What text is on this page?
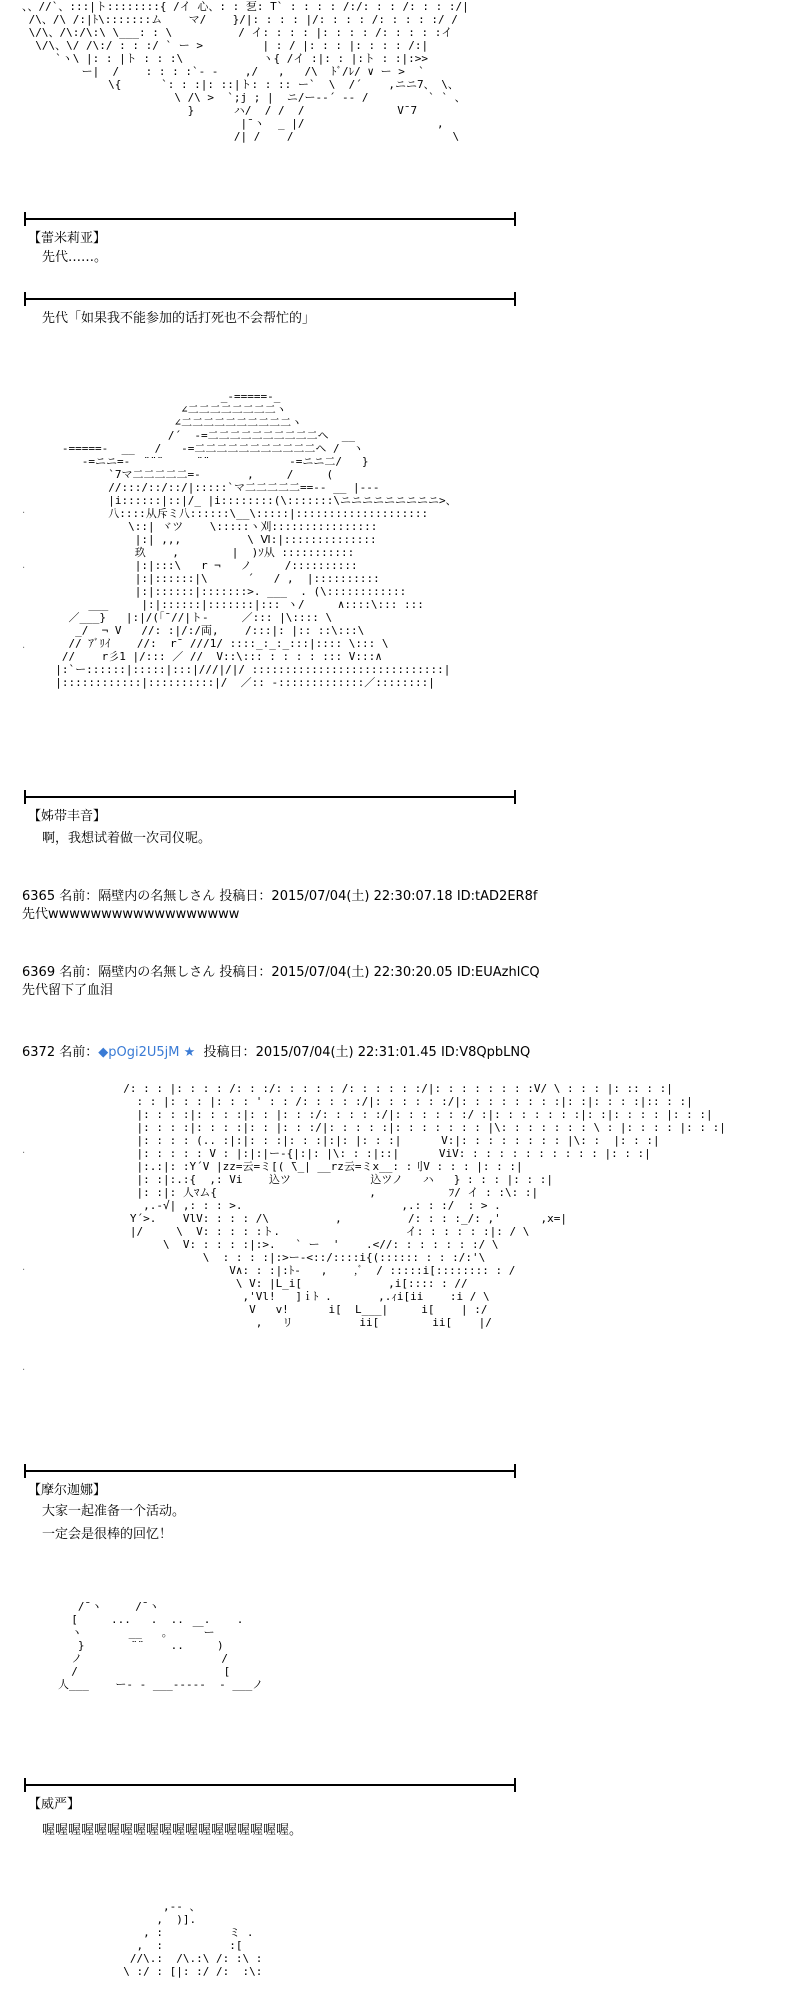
、、//`、:::|ト::::::::{ /イ 心、: : 乭: T` : : : : /:/: : : /: : : :/|
/\、/\ /:|ﾄ\:::::::ム    マ/    }/|: : : : |/: : : : /: : : : :/ /
\/\、/\:/\:\ \___: : \          / イ: : : : |: : : : /: : : : :イ
\/\、\/ /\:/ : : :/ ` ー >         | : / |: : : |: : : : /:|
`ヽ\ |: : |ト : : :\            ヽ{ /イ :|: : |:ト : :|:>>
ー|  /    : : : :`- -    ,/   ,   /\  ﾄﾞ/ﾚ/ ∨ ー >  `
\{      `: : :|: ::|ト: : :: ー`  \  /´    ,ニニ7、 \、
\ /\ >  `;j ; |  ニ/ー‐‐´ ‐‐ /         ` ` 、
}      ハ/  / /  /              V¯7
|¯ヽ  _ |/                    ,
/| /    /                        \
【蕾米莉亚】
先代……。
先代「如果我不能参加的话打死也不会帮忙的」
_-=====-_
∠二二二二二二二二ヽ
∠二二二二二二二二二二ヽ
/´  -=二二二二二二二二二二ヘ  __
-=====-  __   /   -=二二二二二二二二二二二ヘ /  ヽ
-=ニニ=-  ¨¨¨     ¨¨            -=ニニ二/   }
`7マ二二二二二=-       ,     /     (
//:::/::/::/|:::::`マ二二二二二==-- __ |---
|i::::::|::|/_ |i::::::::(\:::::::\ニニニニニニニニニ>、
八::::从斥ミ八::::::\__\:::::|::::::::::::::::::::
\::| ヾツ    \:::::ヽ刈::::::::::::::::
|:| ,,,          \ Ⅵ:|::::::::::::::
玖    ,        |  )ｿ从 :::::::::::
|:|:::\   r ¬   ノ     /::::::::::
|:|::::::|\      ´   / ,  |::::::::::
|:|::::::|:::::::>. ___  . (\::::::::::::
___     |:|::::::|:::::::|::: ヽ/     ∧::::\::: :::
／___}   |:|/(「¯//|ト-     ／::: |\:::: \
_/  ¬ V   //: :|/:/両,    /:::|: |:: ::\:::\
// ｱﾞﾘｲ    //:  r¯ ///1/ ::::_:_:_:::|:::: \::: \
//    r彡1 |/::: ／ //  V::\::: : : : : ::: V:::∧
|:`ー::::::|:::::|:::|///|/|/ :::::::::::::::::::::::::::::|
|::::::::::::|::::::::::|/  ／:: -:::::::::::::／::::::::|
.
.
.
【姊带丰音】
啊，我想试着做一次司仪呢。
6365 名前：隔壁内の名無しさん 投稿日：2015/07/04(土) 22:30:07.18 ID:tAD2ER8f
先代wwwwwwwwwwwwwwwwww
6369 名前：隔壁内の名無しさん 投稿日：2015/07/04(土) 22:30:20.05 ID:EUAzhlCQ
先代留下了血泪
6372 名前：◆pOgi2U5jM ★ 投稿日：2015/07/04(土) 22:31:01.45 ID:V8QpbLNQ
/: : : |: : : : /: : :/: : : : : /: : : : : :/|: : : : : : : :V/ \ : : : |: :: : :|
: : |: : : |: : : ' : : /: : : : :/|: : : : : :/|: : : : : : : :|: :|: : : :|:: : :|
|: : : :|: : : :|: : |: : :/: : : : :/|: : : : : :/ :|: : : : : : :|: :|: : : : |: : :|
|: : : :|: : : :|: : |: : :/|: : : : :|: : : : : : : |\: : : : : : : \ : |: : : : |: : :|
|: : : : (.. :|:|: : :|: : :|:|: |: : :|      V:|: : : : : : : : |\: :  |: : :|
|: : : : : V : |:|:|ー-{|:|: |\: : :|::|      ViV: : : : : : : : : : : |: : :|
|:.:|: :Y´V |zz=云=ミ[( ̄\_| __rz云=ミx__: :刂V : : : |: : :|
|: :|:.:{  ,: Vi    込ツ            込ツノ   ハ   } : : : |: : :|
|: :|: 人ﾏム{                       ,           ﾌ/ イ : :\: :|
,.-√| ,: : : >.                        ,.: : :/  : > .
Y´>.    VlV: : : : /\          ,          /: : : :_/: ,'      ,x=|
|/     \  V: : : : :ト.                   イ: : : : : :|: / \
\  V: : : : :|:>.   ` ー  '    .<//: : : : : : :/ \
\  : : : :|:>ー-<::/::::i{(:::::: : : :/:'\
V∧: : :|:ﾄ-   ,    ,ﾞ  / :::::i[:::::::: : /
\ V: |L_i[             ,i[:::: : //
,'Vl!   ]ｉﾄ .       ,.ｨi[ii    :i / \
V   v!      i[  L___|     i[    | :/
,   リ          ii[        ii[    |/
.
.
.
【摩尔迦娜】
大家一起准备一个活动。
一定会是很棒的回忆！
/¯ヽ     /¯ヽ
[     ...   .  ..   .    .
ヽ       __   。   ￣ー
}       ¨¨    ..     )
ノ                     /
/                      [
人___    ー- - ___-----  - ___ノ
【威严】
喔喔喔喔喔喔喔喔喔喔喔喔喔喔喔喔喔喔喔。
,-- 、
,  )].
, :          ミ .
,  :          :[
//\.:  /\.:\ /: :\ :
\ :/ : [|: :/ /:  :\:
